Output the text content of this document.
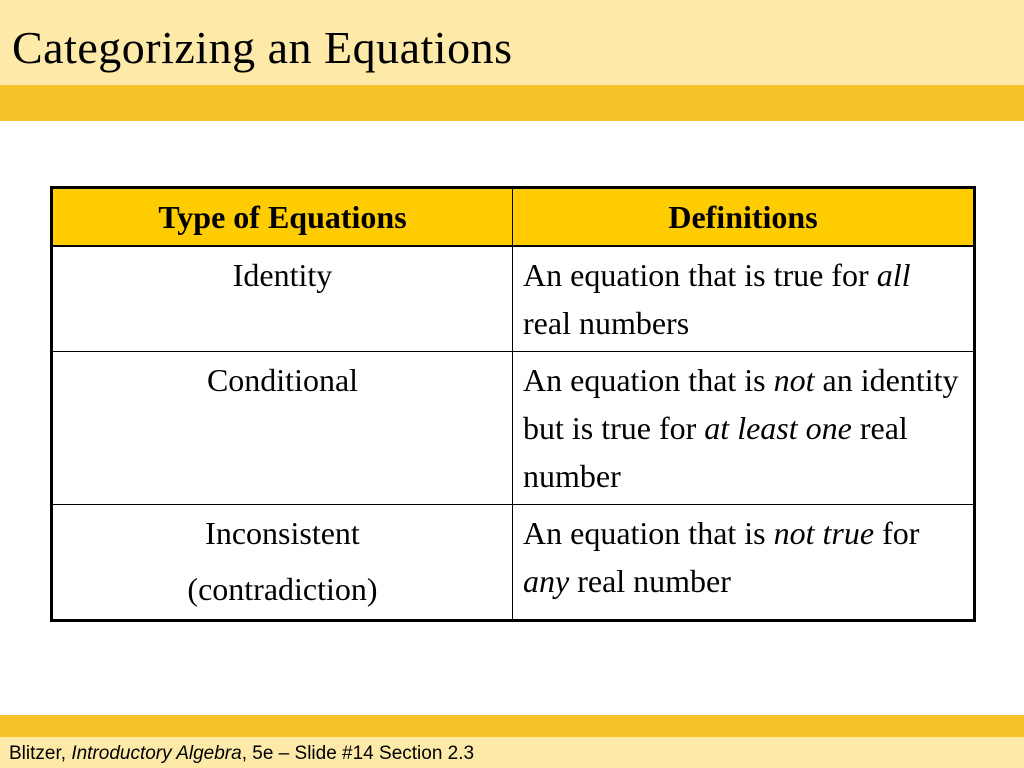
Categorizing an Equations
Type of Equations	Definitions

Identity	An equation that is true for all real numbers

Conditional	An equation that is not an identity but is true for at least one real number

Inconsistent
(contradiction)	An equation that is not true for any real number
Blitzer, Introductory Algebra, 5e – Slide #14 Section 2.3
